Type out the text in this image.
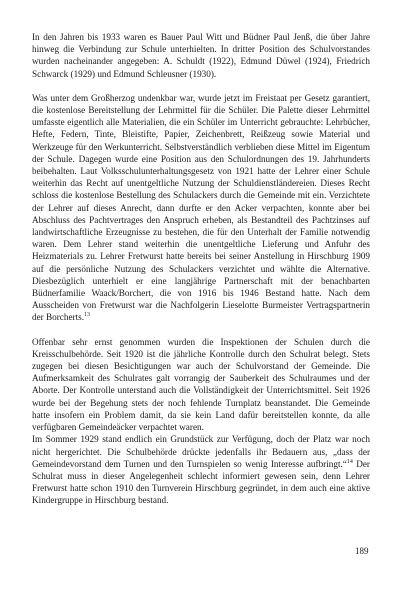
In den Jahren bis 1933 waren es Bauer Paul Witt und Büdner Paul Jenß, die über Jahre hinweg die Verbindung zur Schule unterhielten. In dritter Position des Schulvorstandes wurden nacheinander angegeben: A. Schuldt (1922), Edmund Düwel (1924), Friedrich Schwarck (1929) und Edmund Schleusner (1930).

Was unter dem Großherzog undenkbar war, wurde jetzt im Freistaat per Gesetz garantiert, die kostenlose Bereitstellung der Lehrmittel für die Schüler. Die Palette dieser Lehrmittel umfasste eigentlich alle Materialien, die ein Schüler im Unterricht gebrauchte: Lehrbücher, Hefte, Federn, Tinte, Bleistifte, Papier, Zeichenbrett, Reißzeug sowie Material und Werkzeuge für den Werkunterricht. Selbstverständlich verblieben diese Mittel im Eigentum der Schule. Dagegen wurde eine Position aus den Schulordnungen des 19. Jahrhunderts beibehalten. Laut Volksschulunterhaltungsgesetz von 1921 hatte der Lehrer einer Schule weiterhin das Recht auf unentgeltliche Nutzung der Schuldienstländereien. Dieses Recht schloss die kostenlose Bestellung des Schulackers durch die Gemeinde mit ein. Verzichtete der Lehrer auf dieses Anrecht, dann durfte er den Acker verpachten, konnte aber bei Abschluss des Pachtvertrages den Anspruch erheben, als Bestandteil des Pachtzinses auf landwirtschaftliche Erzeugnisse zu bestehen, die für den Unterhalt der Familie notwendig waren. Dem Lehrer stand weiterhin die unentgeltliche Lieferung und Anfuhr des Heizmaterials zu. Lehrer Fretwurst hatte bereits bei seiner Anstellung in Hirschburg 1909 auf die persönliche Nutzung des Schulackers verzichtet und wählte die Alternative. Diesbezüglich unterhielt er eine langjährige Partnerschaft mit der benachbarten Büdnerfamilie Waack/Borchert, die von 1916 bis 1946 Bestand hatte. Nach dem Ausscheiden von Fretwurst war die Nachfolgerin Lieselotte Burmeister Vertragspartnerin der Borcherts.$^{13}$

Offenbar sehr ernst genommen wurden die Inspektionen der Schulen durch die Kreisschulbehörde. Seit 1920 ist die jährliche Kontrolle durch den Schulrat belegt. Stets zugegen bei diesen Besichtigungen war auch der Schulvorstand der Gemeinde. Die Aufmerksamkeit des Schulrates galt vorrangig der Sauberkeit des Schulraumes und der Aborte. Der Kontrolle unterstand auch die Vollständigkeit der Unterrichtsmittel. Seit 1926 wurde bei der Begehung stets der noch fehlende Turnplatz beanstandet. Die Gemeinde hatte insofern ein Problem damit, da sie kein Land dafür bereitstellen konnte, da alle verfügbaren Gemeindeäcker verpachtet waren.

Im Sommer 1929 stand endlich ein Grundstück zur Verfügung, doch der Platz war noch nicht hergerichtet. Die Schulbehörde drückte jedenfalls ihr Bedauern aus, „dass der Gemeindevorstand dem Turnen und den Turnspielen so wenig Interesse aufbringt.“$^{14}$ Der Schulrat muss in dieser Angelegenheit schlecht informiert gewesen sein, denn Lehrer Fretwurst hatte schon 1910 den Turnverein Hirschburg gegründet, in dem auch eine aktive Kindergruppe in Hirschburg bestand.

189
